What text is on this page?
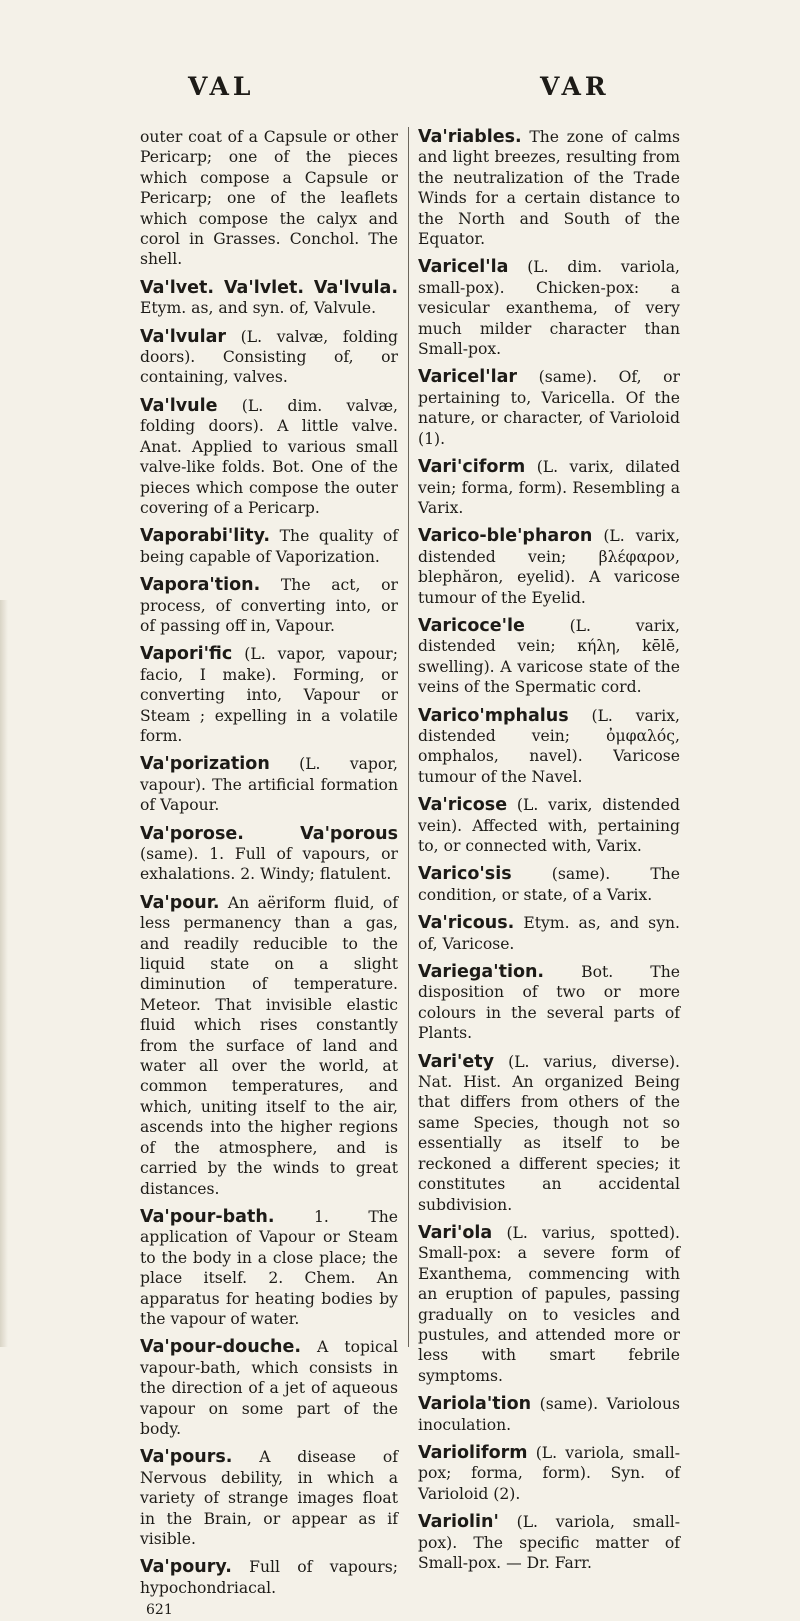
VAL	VAR

outer coat of a Capsule or other Pericarp; one of the pieces which compose a Capsule or Pericarp; one of the leaflets which compose the calyx and corol in Grasses. Conchol. The shell.

Va'lvet. Va'lvlet. Va'lvula. Etym. as, and syn. of, Valvule.

Va'lvular (L. valvæ, folding doors). Consisting of, or containing, valves.

Va'lvule (L. dim. valvæ, folding doors). A little valve. Anat. Applied to various small valve-like folds. Bot. One of the pieces which compose the outer covering of a Pericarp.

Vaporabi'lity. The quality of being capable of Vaporization.

Vapora'tion. The act, or process, of converting into, or of passing off in, Vapour.

Vapori'fic (L. vapor, vapour; facio, I make). Forming, or converting into, Vapour or Steam ; expelling in a volatile form.

Va'porization (L. vapor, vapour). The artificial formation of Vapour.

Va'porose. Va'porous (same). 1. Full of vapours, or exhalations. 2. Windy; flatulent.

Va'pour. An aëriform fluid, of less permanency than a gas, and readily reducible to the liquid state on a slight diminution of temperature. Meteor. That invisible elastic fluid which rises constantly from the surface of land and water all over the world, at common temperatures, and which, uniting itself to the air, ascends into the higher regions of the atmosphere, and is carried by the winds to great distances.

Va'pour-bath. 1. The application of Vapour or Steam to the body in a close place; the place itself. 2. Chem. An apparatus for heating bodies by the vapour of water.

Va'pour-douche. A topical vapour-bath, which consists in the direction of a jet of aqueous vapour on some part of the body.

Va'pours. A disease of Nervous debility, in which a variety of strange images float in the Brain, or appear as if visible.

Va'poury. Full of vapours; hypochondriacal.

621

Va'riables. The zone of calms and light breezes, resulting from the neutralization of the Trade Winds for a certain distance to the North and South of the Equator.

Varicel'la (L. dim. variola, small-pox). Chicken-pox: a vesicular exanthema, of very much milder character than Small-pox.

Varicel'lar (same). Of, or pertaining to, Varicella. Of the nature, or character, of Varioloid (1).

Vari'ciform (L. varix, dilated vein; forma, form). Resembling a Varix.

Varico-ble'pharon (L. varix, distended vein; βλέφαρον, blephăron, eyelid). A varicose tumour of the Eyelid.

Varicoce'le (L. varix, distended vein; κήλη, kēlē, swelling). A varicose state of the veins of the Spermatic cord.

Varico'mphalus (L. varix, distended vein; ὀμφαλός, omphalos, navel). Varicose tumour of the Navel.

Va'ricose (L. varix, distended vein). Affected with, pertaining to, or connected with, Varix.

Varico'sis (same). The condition, or state, of a Varix.

Va'ricous. Etym. as, and syn. of, Varicose.

Variega'tion. Bot. The disposition of two or more colours in the several parts of Plants.

Vari'ety (L. varius, diverse). Nat. Hist. An organized Being that differs from others of the same Species, though not so essentially as itself to be reckoned a different species; it constitutes an accidental subdivision.

Vari'ola (L. varius, spotted). Small-pox: a severe form of Exanthema, commencing with an eruption of papules, passing gradually on to vesicles and pustules, and attended more or less with smart febrile symptoms.

Variola'tion (same). Variolous inoculation.

Varioliform (L. variola, small-pox; forma, form). Syn. of Varioloid (2).

Variolin' (L. variola, small-pox). The specific matter of Small-pox. — Dr. Farr.
